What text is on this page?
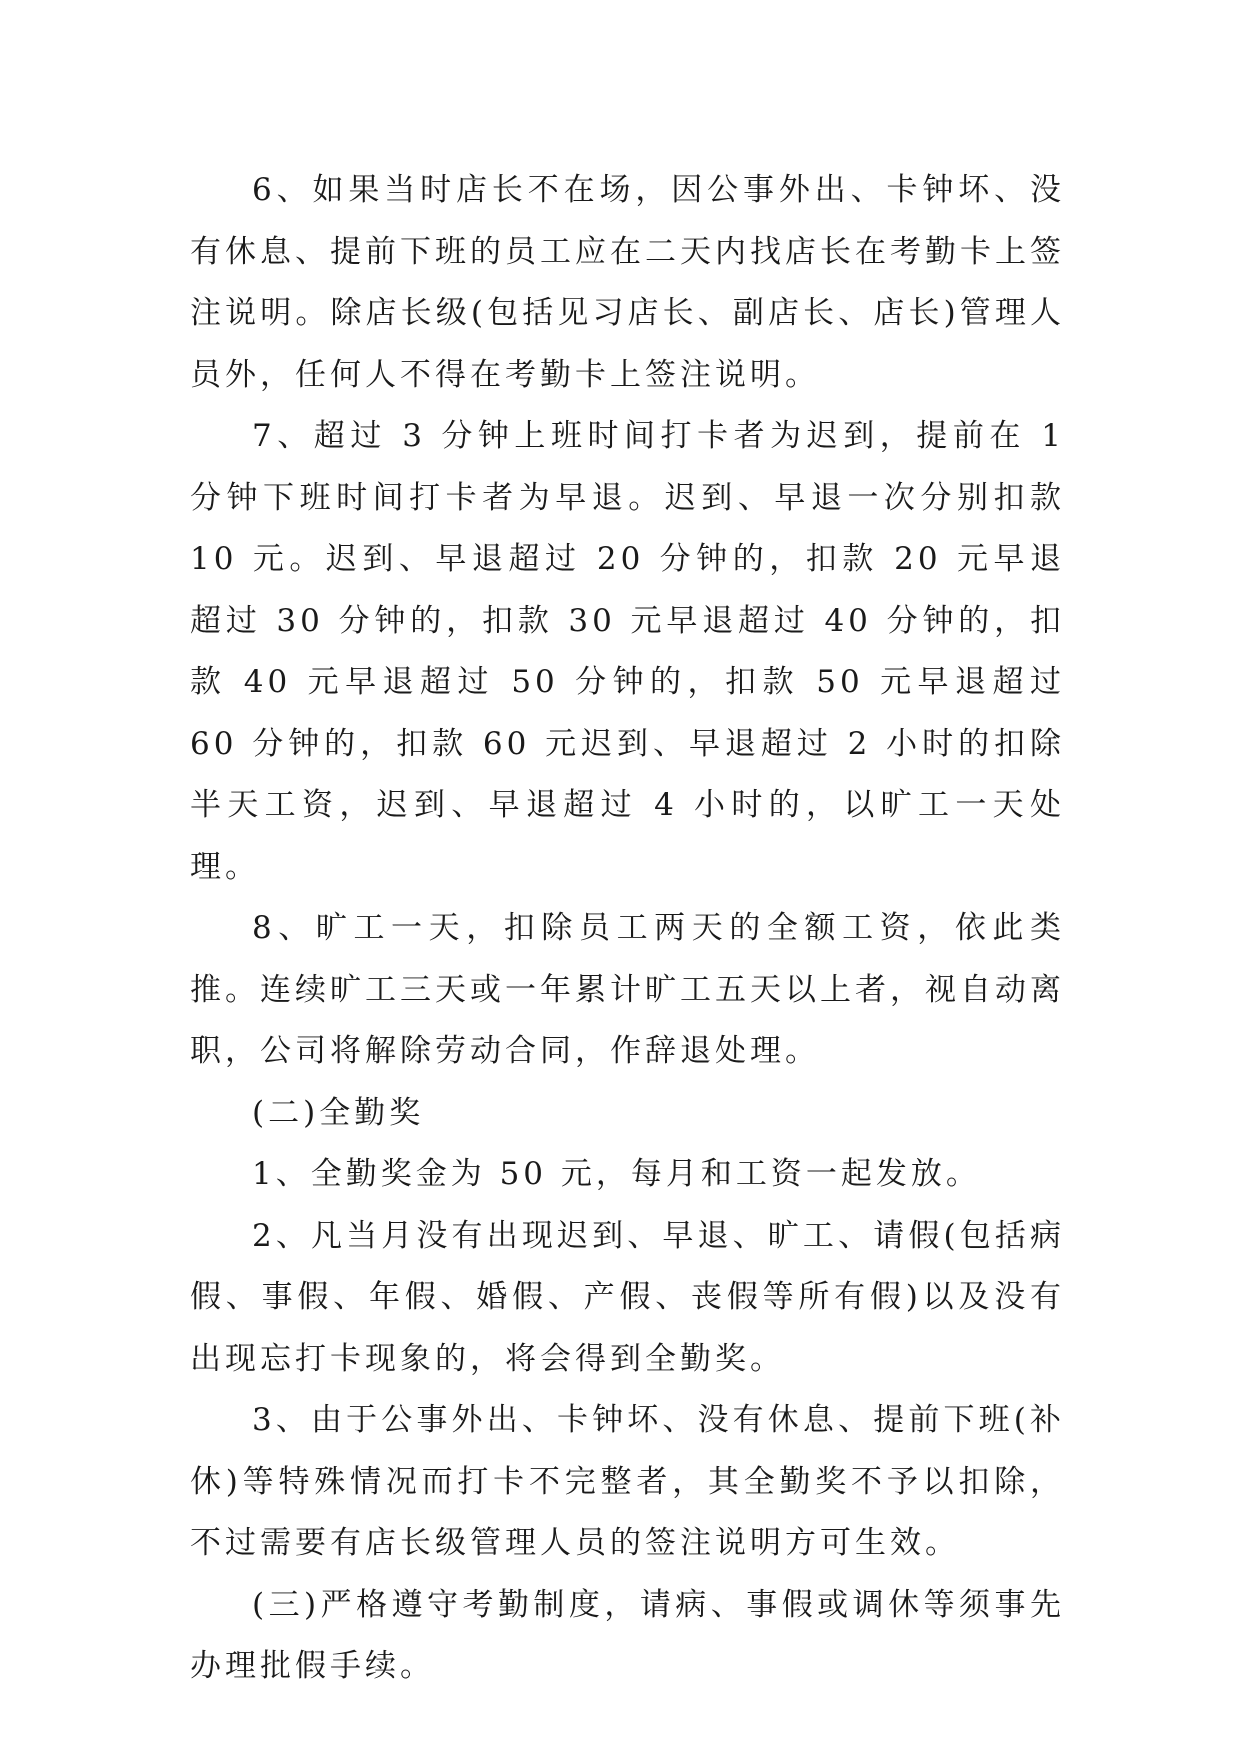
6、如果当时店长不在场，因公事外出、卡钟坏、没有休息、提前下班的员工应在二天内找店长在考勤卡上签注说明。除店长级(包括见习店长、副店长、店长)管理人员外，任何人不得在考勤卡上签注说明。

7、超过 3 分钟上班时间打卡者为迟到，提前在 1 分钟下班时间打卡者为早退。迟到、早退一次分别扣款 10 元。迟到、早退超过 20 分钟的，扣款 20 元早退超过 30 分钟的，扣款 30 元早退超过 40 分钟的，扣款 40 元早退超过 50 分钟的，扣款 50 元早退超过 60 分钟的，扣款 60 元迟到、早退超过 2 小时的扣除半天工资，迟到、早退超过 4 小时的，以旷工一天处理。

8、旷工一天，扣除员工两天的全额工资，依此类推。连续旷工三天或一年累计旷工五天以上者，视自动离职，公司将解除劳动合同，作辞退处理。

(二)全勤奖

1、全勤奖金为 50 元，每月和工资一起发放。

2、凡当月没有出现迟到、早退、旷工、请假(包括病假、事假、年假、婚假、产假、丧假等所有假)以及没有出现忘打卡现象的，将会得到全勤奖。

3、由于公事外出、卡钟坏、没有休息、提前下班(补休)等特殊情况而打卡不完整者，其全勤奖不予以扣除，不过需要有店长级管理人员的签注说明方可生效。

(三)严格遵守考勤制度，请病、事假或调休等须事先办理批假手续。
